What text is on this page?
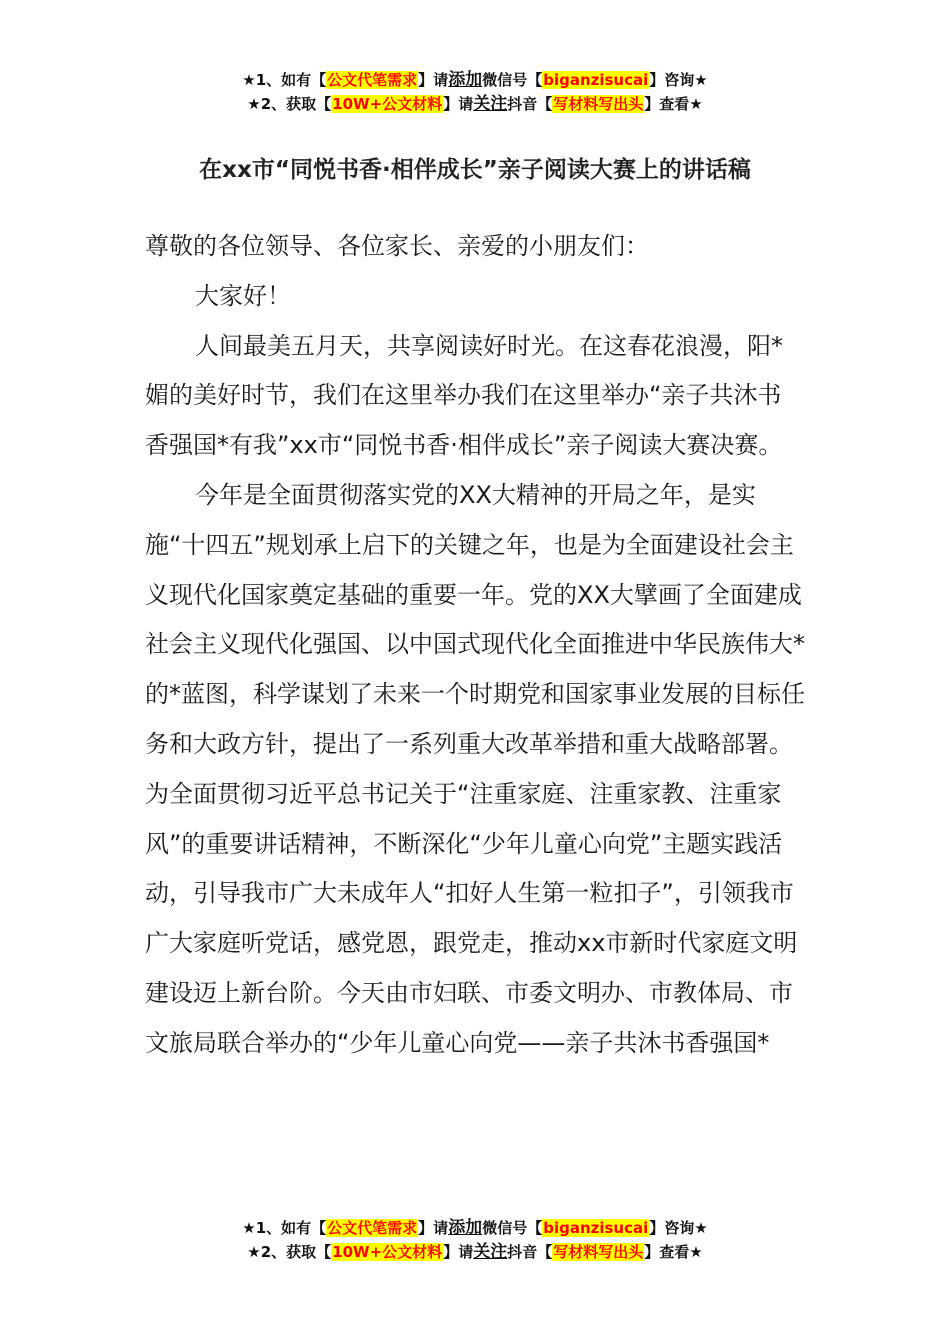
★1、如有【公文代笔需求】请添加微信号【biganzisucai】咨询★
★2、获取【10W+公文材料】请关注抖音【写材料写出头】查看★
在xx市“同悦书香·相伴成长”亲子阅读大赛上的讲话稿

尊敬的各位领导、各位家长、亲爱的小朋友们：

大家好！

人间最美五月天，共享阅读好时光。在这春花浪漫，阳*媚的美好时节，我们在这里举办我们在这里举办“亲子共沐书香强国*有我”xx市“同悦书香·相伴成长”亲子阅读大赛决赛。

今年是全面贯彻落实党的XX大精神的开局之年，是实施“十四五”规划承上启下的关键之年，也是为全面建设社会主义现代化国家奠定基础的重要一年。党的XX大擘画了全面建成社会主义现代化强国、以中国式现代化全面推进中华民族伟大*的*蓝图，科学谋划了未来一个时期党和国家事业发展的目标任务和大政方针，提出了一系列重大改革举措和重大战略部署。为全面贯彻习近平总书记关于“注重家庭、注重家教、注重家风”的重要讲话精神，不断深化“少年儿童心向党”主题实践活动，引导我市广大未成年人“扣好人生第一粒扣子”，引领我市广大家庭听党话，感党恩，跟党走，推动xx市新时代家庭文明建设迈上新台阶。今天由市妇联、市委文明办、市教体局、市文旅局联合举办的“少年儿童心向党——亲子共沐书香强国*

★1、如有【公文代笔需求】请添加微信号【biganzisucai】咨询★
★2、获取【10W+公文材料】请关注抖音【写材料写出头】查看★
